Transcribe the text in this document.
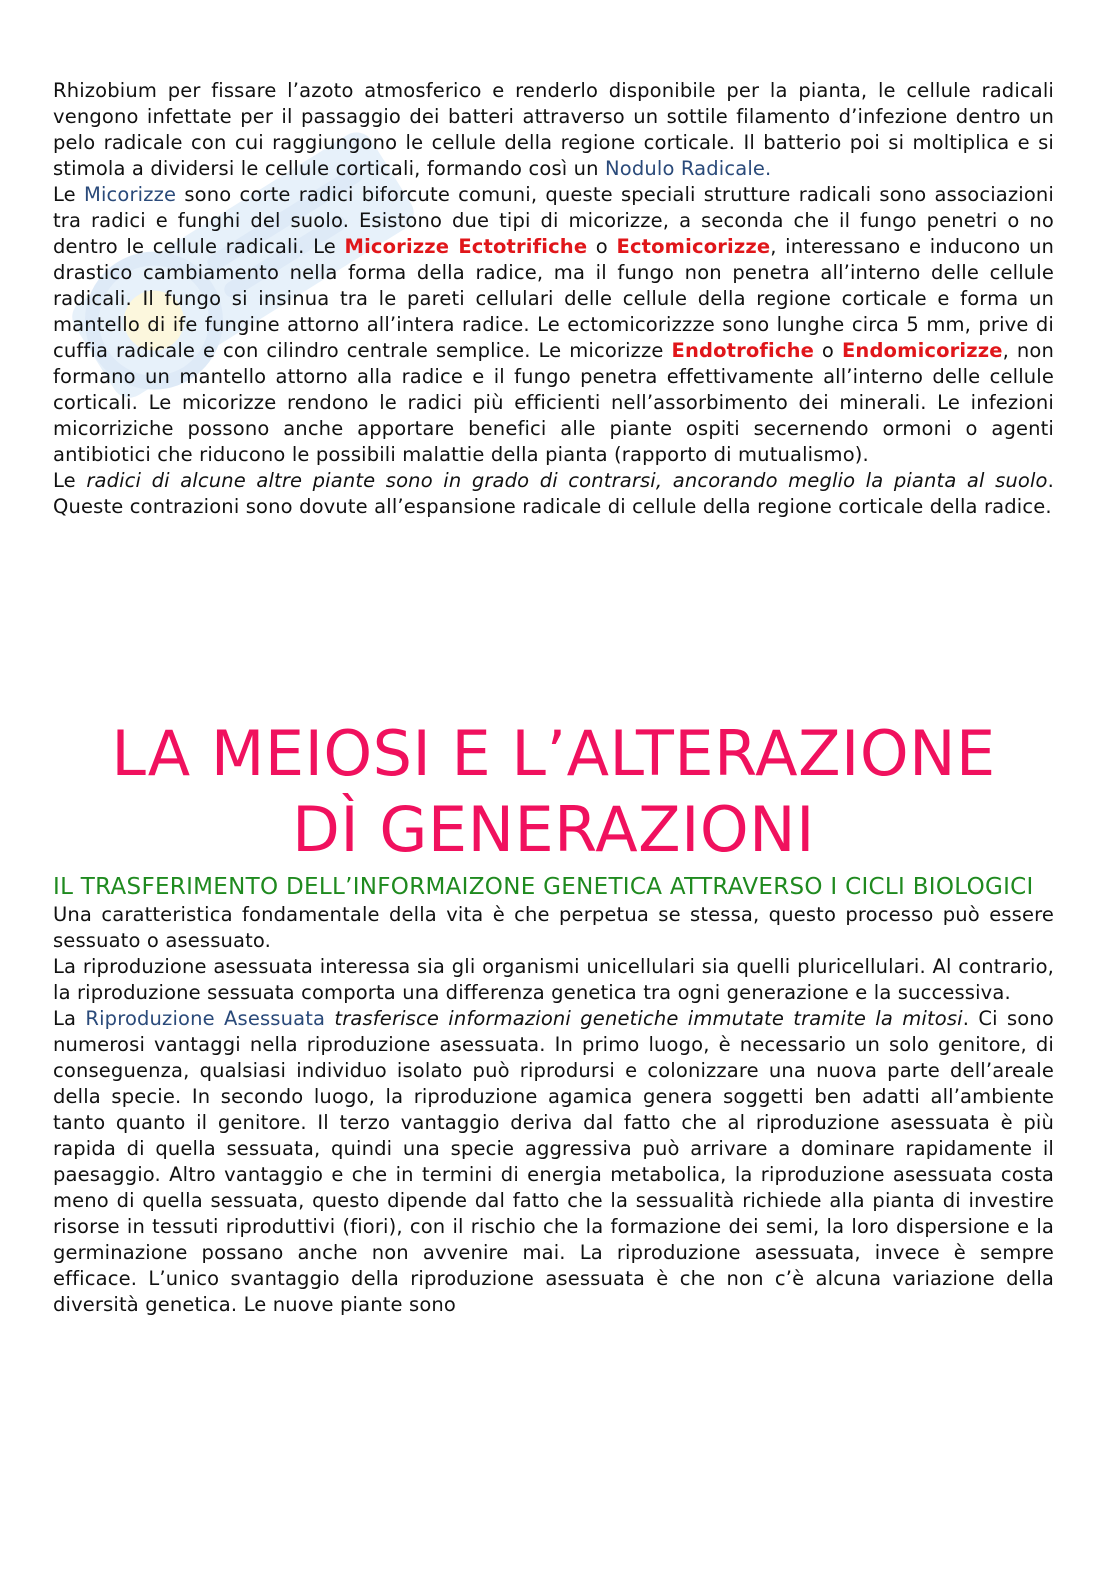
Rhizobium per fissare l’azoto atmosferico e renderlo disponibile per la pianta, le cellule radicali vengono infettate per il passaggio dei batteri attraverso un sottile filamento d’infezione dentro un pelo radicale con cui raggiungono le cellule della regione corticale. Il batterio poi si moltiplica e si stimola a dividersi le cellule corticali, formando così un Nodulo Radicale.

Le Micorizze sono corte radici biforcute comuni, queste speciali strutture radicali sono associazioni tra radici e funghi del suolo. Esistono due tipi di micorizze, a seconda che il fungo penetri o no dentro le cellule radicali. Le Micorizze Ectotrifiche o Ectomicorizze, interessano e inducono un drastico cambiamento nella forma della radice, ma il fungo non penetra all’interno delle cellule radicali. Il fungo si insinua tra le pareti cellulari delle cellule della regione corticale e forma un mantello di ife fungine attorno all’intera radice. Le ectomicorizzze sono lunghe circa 5 mm, prive di cuffia radicale e con cilindro centrale semplice. Le micorizze Endotrofiche o Endomicorizze, non formano un mantello attorno alla radice e il fungo penetra effettivamente all’interno delle cellule corticali. Le micorizze rendono le radici più efficienti nell’assorbimento dei minerali. Le infezioni micorriziche possono anche apportare benefici alle piante ospiti secernendo ormoni o agenti antibiotici che riducono le possibili malattie della pianta (rapporto di mutualismo).

Le radici di alcune altre piante sono in grado di contrarsi, ancorando meglio la pianta al suolo. Queste contrazioni sono dovute all’espansione radicale di cellule della regione corticale della radice.

LA MEIOSI E L’ALTERAZIONE
DÌ GENERAZIONI
IL TRASFERIMENTO DELL’INFORMAIZONE GENETICA ATTRAVERSO I CICLI BIOLOGICI

Una caratteristica fondamentale della vita è che perpetua se stessa, questo processo può essere sessuato o asessuato.

La riproduzione asessuata interessa sia gli organismi unicellulari sia quelli pluricellulari. Al contrario, la riproduzione sessuata comporta una differenza genetica tra ogni generazione e la successiva.

La Riproduzione Asessuata trasferisce informazioni genetiche immutate tramite la mitosi. Ci sono numerosi vantaggi nella riproduzione asessuata. In primo luogo, è necessario un solo genitore, di conseguenza, qualsiasi individuo isolato può riprodursi e colonizzare una nuova parte dell’areale della specie. In secondo luogo, la riproduzione agamica genera soggetti ben adatti all’ambiente tanto quanto il genitore. Il terzo vantaggio deriva dal fatto che al riproduzione asessuata è più rapida di quella sessuata, quindi una specie aggressiva può arrivare a dominare rapidamente il paesaggio. Altro vantaggio e che in termini di energia metabolica, la riproduzione asessuata costa meno di quella sessuata, questo dipende dal fatto che la sessualità richiede alla pianta di investire risorse in tessuti riproduttivi (fiori), con il rischio che la formazione dei semi, la loro dispersione e la germinazione possano anche non avvenire mai. La riproduzione asessuata, invece è sempre efficace. L’unico svantaggio della riproduzione asessuata è che non c’è alcuna variazione della diversità genetica. Le nuove piante sono
